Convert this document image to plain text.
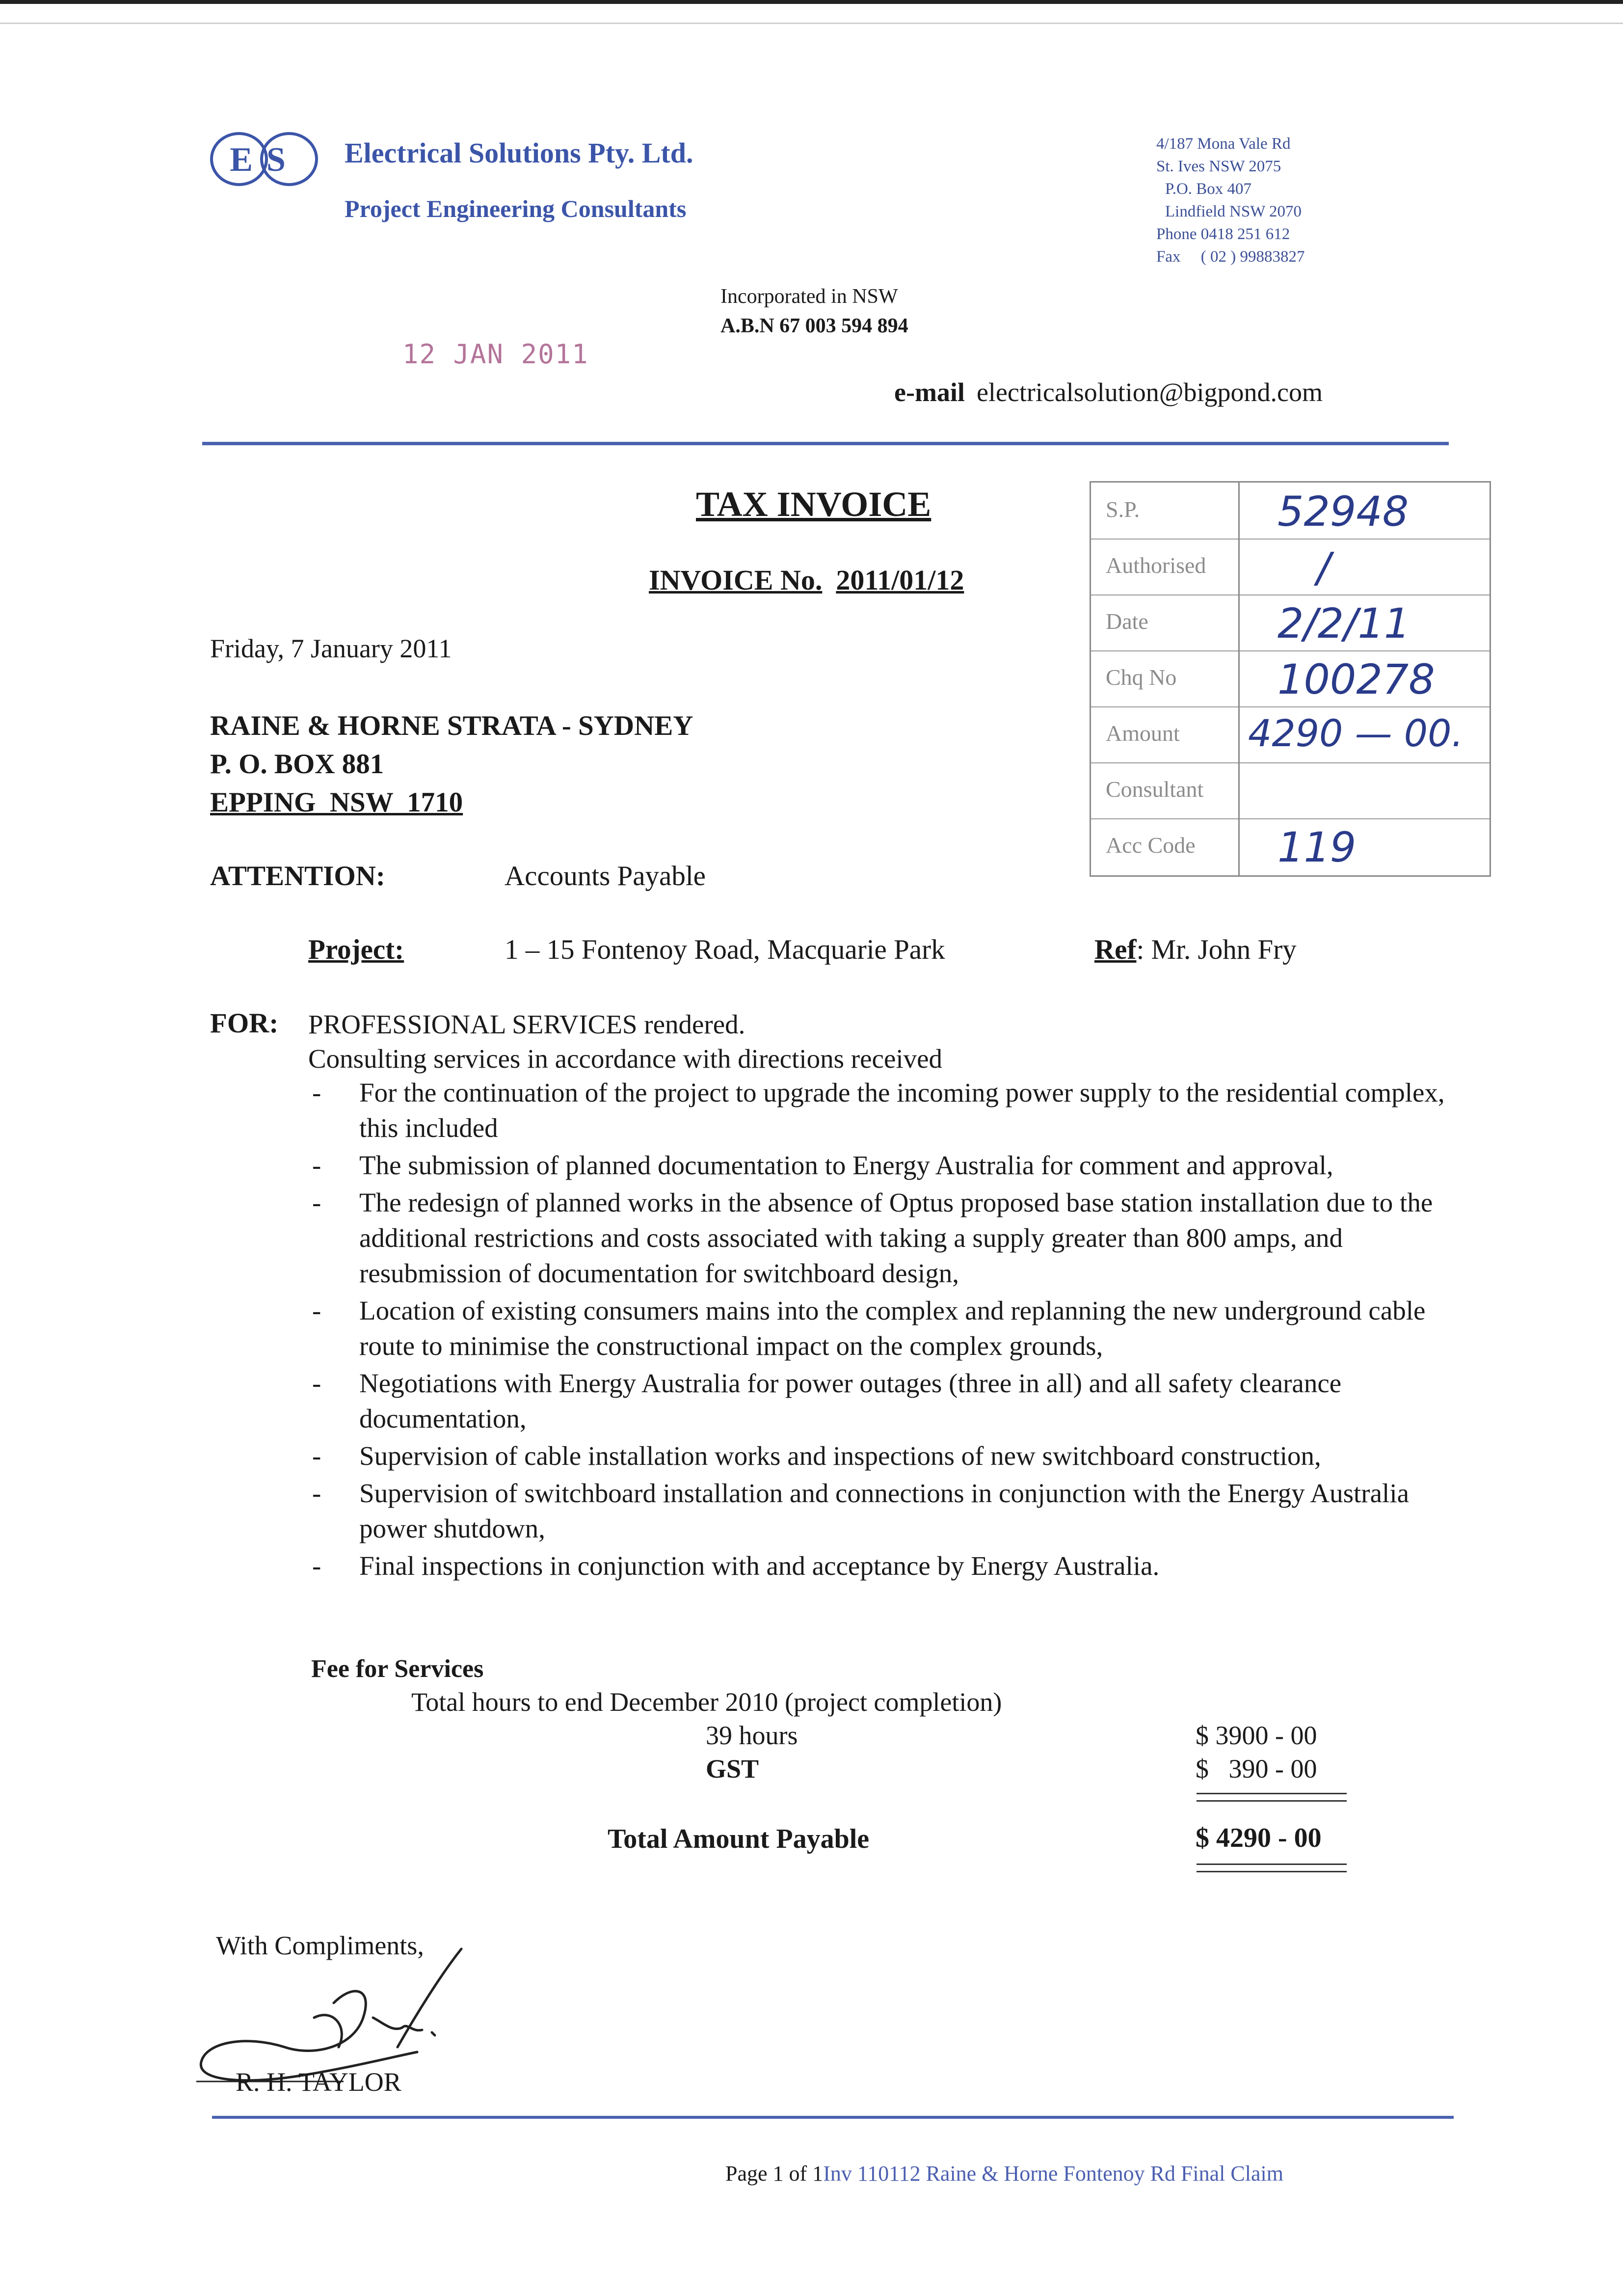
ES Electrical Solutions Pty. Ltd.
Project Engineering Consultants
4/187 Mona Vale Rd
St. Ives NSW 2075
P.O. Box 407
Lindfield NSW 2070
Phone 0418 251 612
Fax     ( 02 ) 99883827
Incorporated in NSW
A.B.N 67 003 594 894
12 JAN 2011
e-mail electricalsolution@bigpond.com
TAX INVOICE
INVOICE No. 2011/01/12
S.P.	52948
Authorised	/
Date	2/2/11
Chq No 100278
Amount 4290 — 00.
Consultant
Acc Code 119
Friday, 7 January 2011
RAINE & HORNE STRATA - SYDNEY
P. O. BOX 881
EPPING  NSW  1710
ATTENTION:	Accounts Payable
Project:	1 – 15 Fontenoy Road, Macquarie Park	Ref: Mr. John Fry
FOR: PROFESSIONAL SERVICES rendered.
Consulting services in accordance with directions received
- For the continuation of the project to upgrade the incoming power supply to the residential complex, this included
- The submission of planned documentation to Energy Australia for comment and approval,
- The redesign of planned works in the absence of Optus proposed base station installation due to the additional restrictions and costs associated with taking a supply greater than 800 amps, and resubmission of documentation for switchboard design,
- Location of existing consumers mains into the complex and replanning the new underground cable route to minimise the constructional impact on the complex grounds,
- Negotiations with Energy Australia for power outages (three in all) and all safety clearance documentation,
- Supervision of cable installation works and inspections of new switchboard construction,
- Supervision of switchboard installation and connections in conjunction with the Energy Australia power shutdown,
- Final inspections in conjunction with and acceptance by Energy Australia.
Fee for Services
Total hours to end December 2010 (project completion)
39 hours	$ 3900 - 00
GST	$   390 - 00
Total Amount Payable	$ 4290 - 00
With Compliments,
R. H. TAYLOR
Page 1 of 1Inv 110112 Raine & Horne Fontenoy Rd Final Claim
